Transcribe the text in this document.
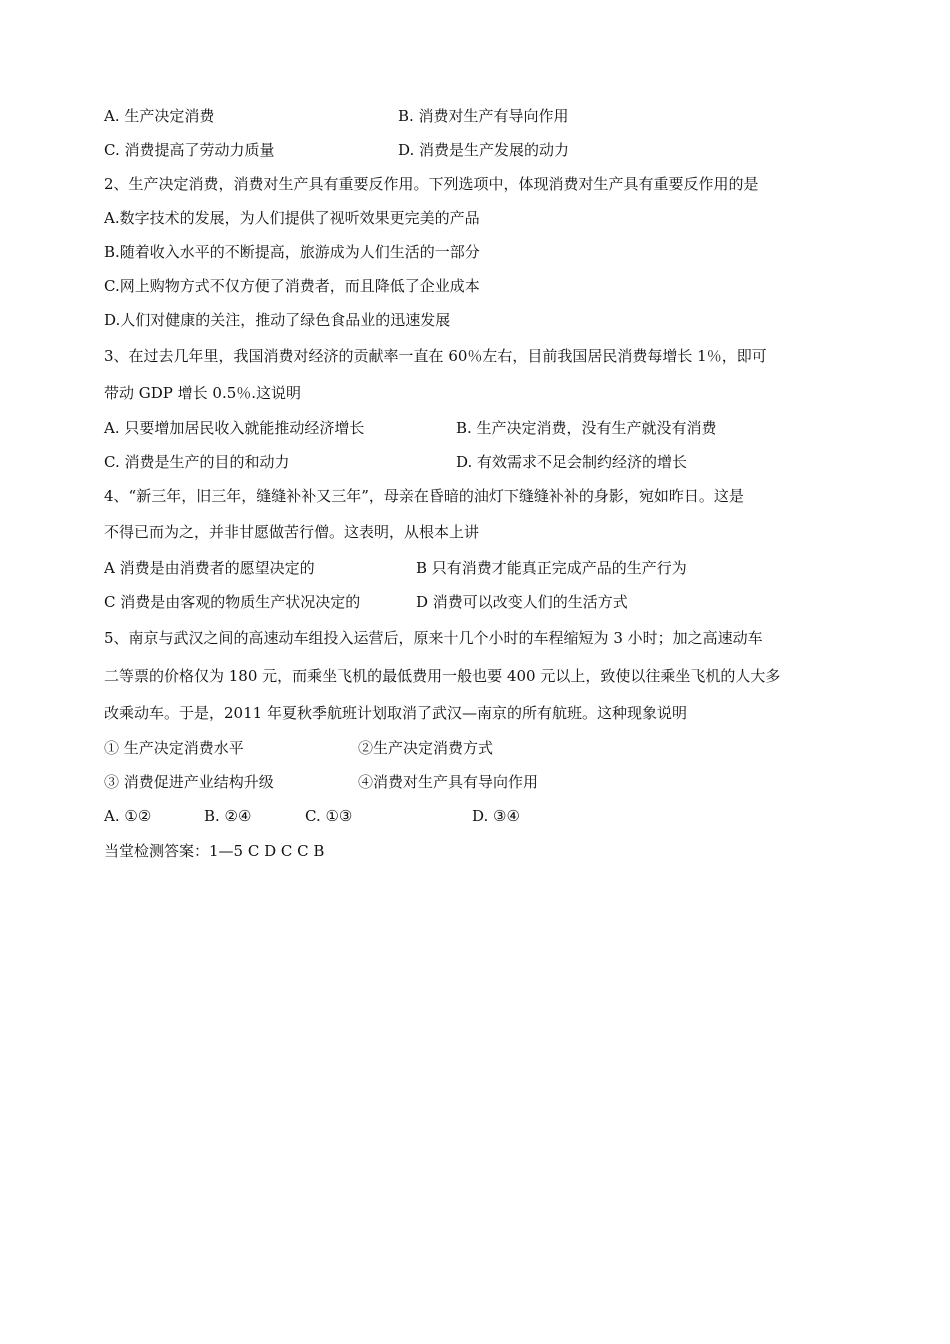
A. 生产决定消费	B. 消费对生产有导向作用
C. 消费提高了劳动力质量	D. 消费是生产发展的动力
2、生产决定消费，消费对生产具有重要反作用。下列选项中，体现消费对生产具有重要反作用的是
A.数字技术的发展，为人们提供了视听效果更完美的产品
B.随着收入水平的不断提高，旅游成为人们生活的一部分
C.网上购物方式不仅方便了消费者，而且降低了企业成本
D.人们对健康的关注，推动了绿色食品业的迅速发展
3、在过去几年里，我国消费对经济的贡献率一直在 60％左右，目前我国居民消费每增长 1％，即可
带动 GDP 增长 0.5％.这说明
A. 只要增加居民收入就能推动经济增长	B. 生产决定消费，没有生产就没有消费
C. 消费是生产的目的和动力	D. 有效需求不足会制约经济的增长
4、“新三年，旧三年，缝缝补补又三年”，母亲在昏暗的油灯下缝缝补补的身影，宛如昨日。这是
不得已而为之，并非甘愿做苦行僧。这表明，从根本上讲
A 消费是由消费者的愿望决定的	B 只有消费才能真正完成产品的生产行为
C 消费是由客观的物质生产状况决定的	D 消费可以改变人们的生活方式
5、南京与武汉之间的高速动车组投入运营后，原来十几个小时的车程缩短为 3 小时；加之高速动车
二等票的价格仅为 180 元，而乘坐飞机的最低费用一般也要 400 元以上，致使以往乘坐飞机的人大多
改乘动车。于是，2011 年夏秋季航班计划取消了武汉—南京的所有航班。这种现象说明
① 生产决定消费水平	②生产决定消费方式
③ 消费促进产业结构升级	④消费对生产具有导向作用
A. ①②	B. ②④	C. ①③	D. ③④
当堂检测答案：1—5 C D C C B
